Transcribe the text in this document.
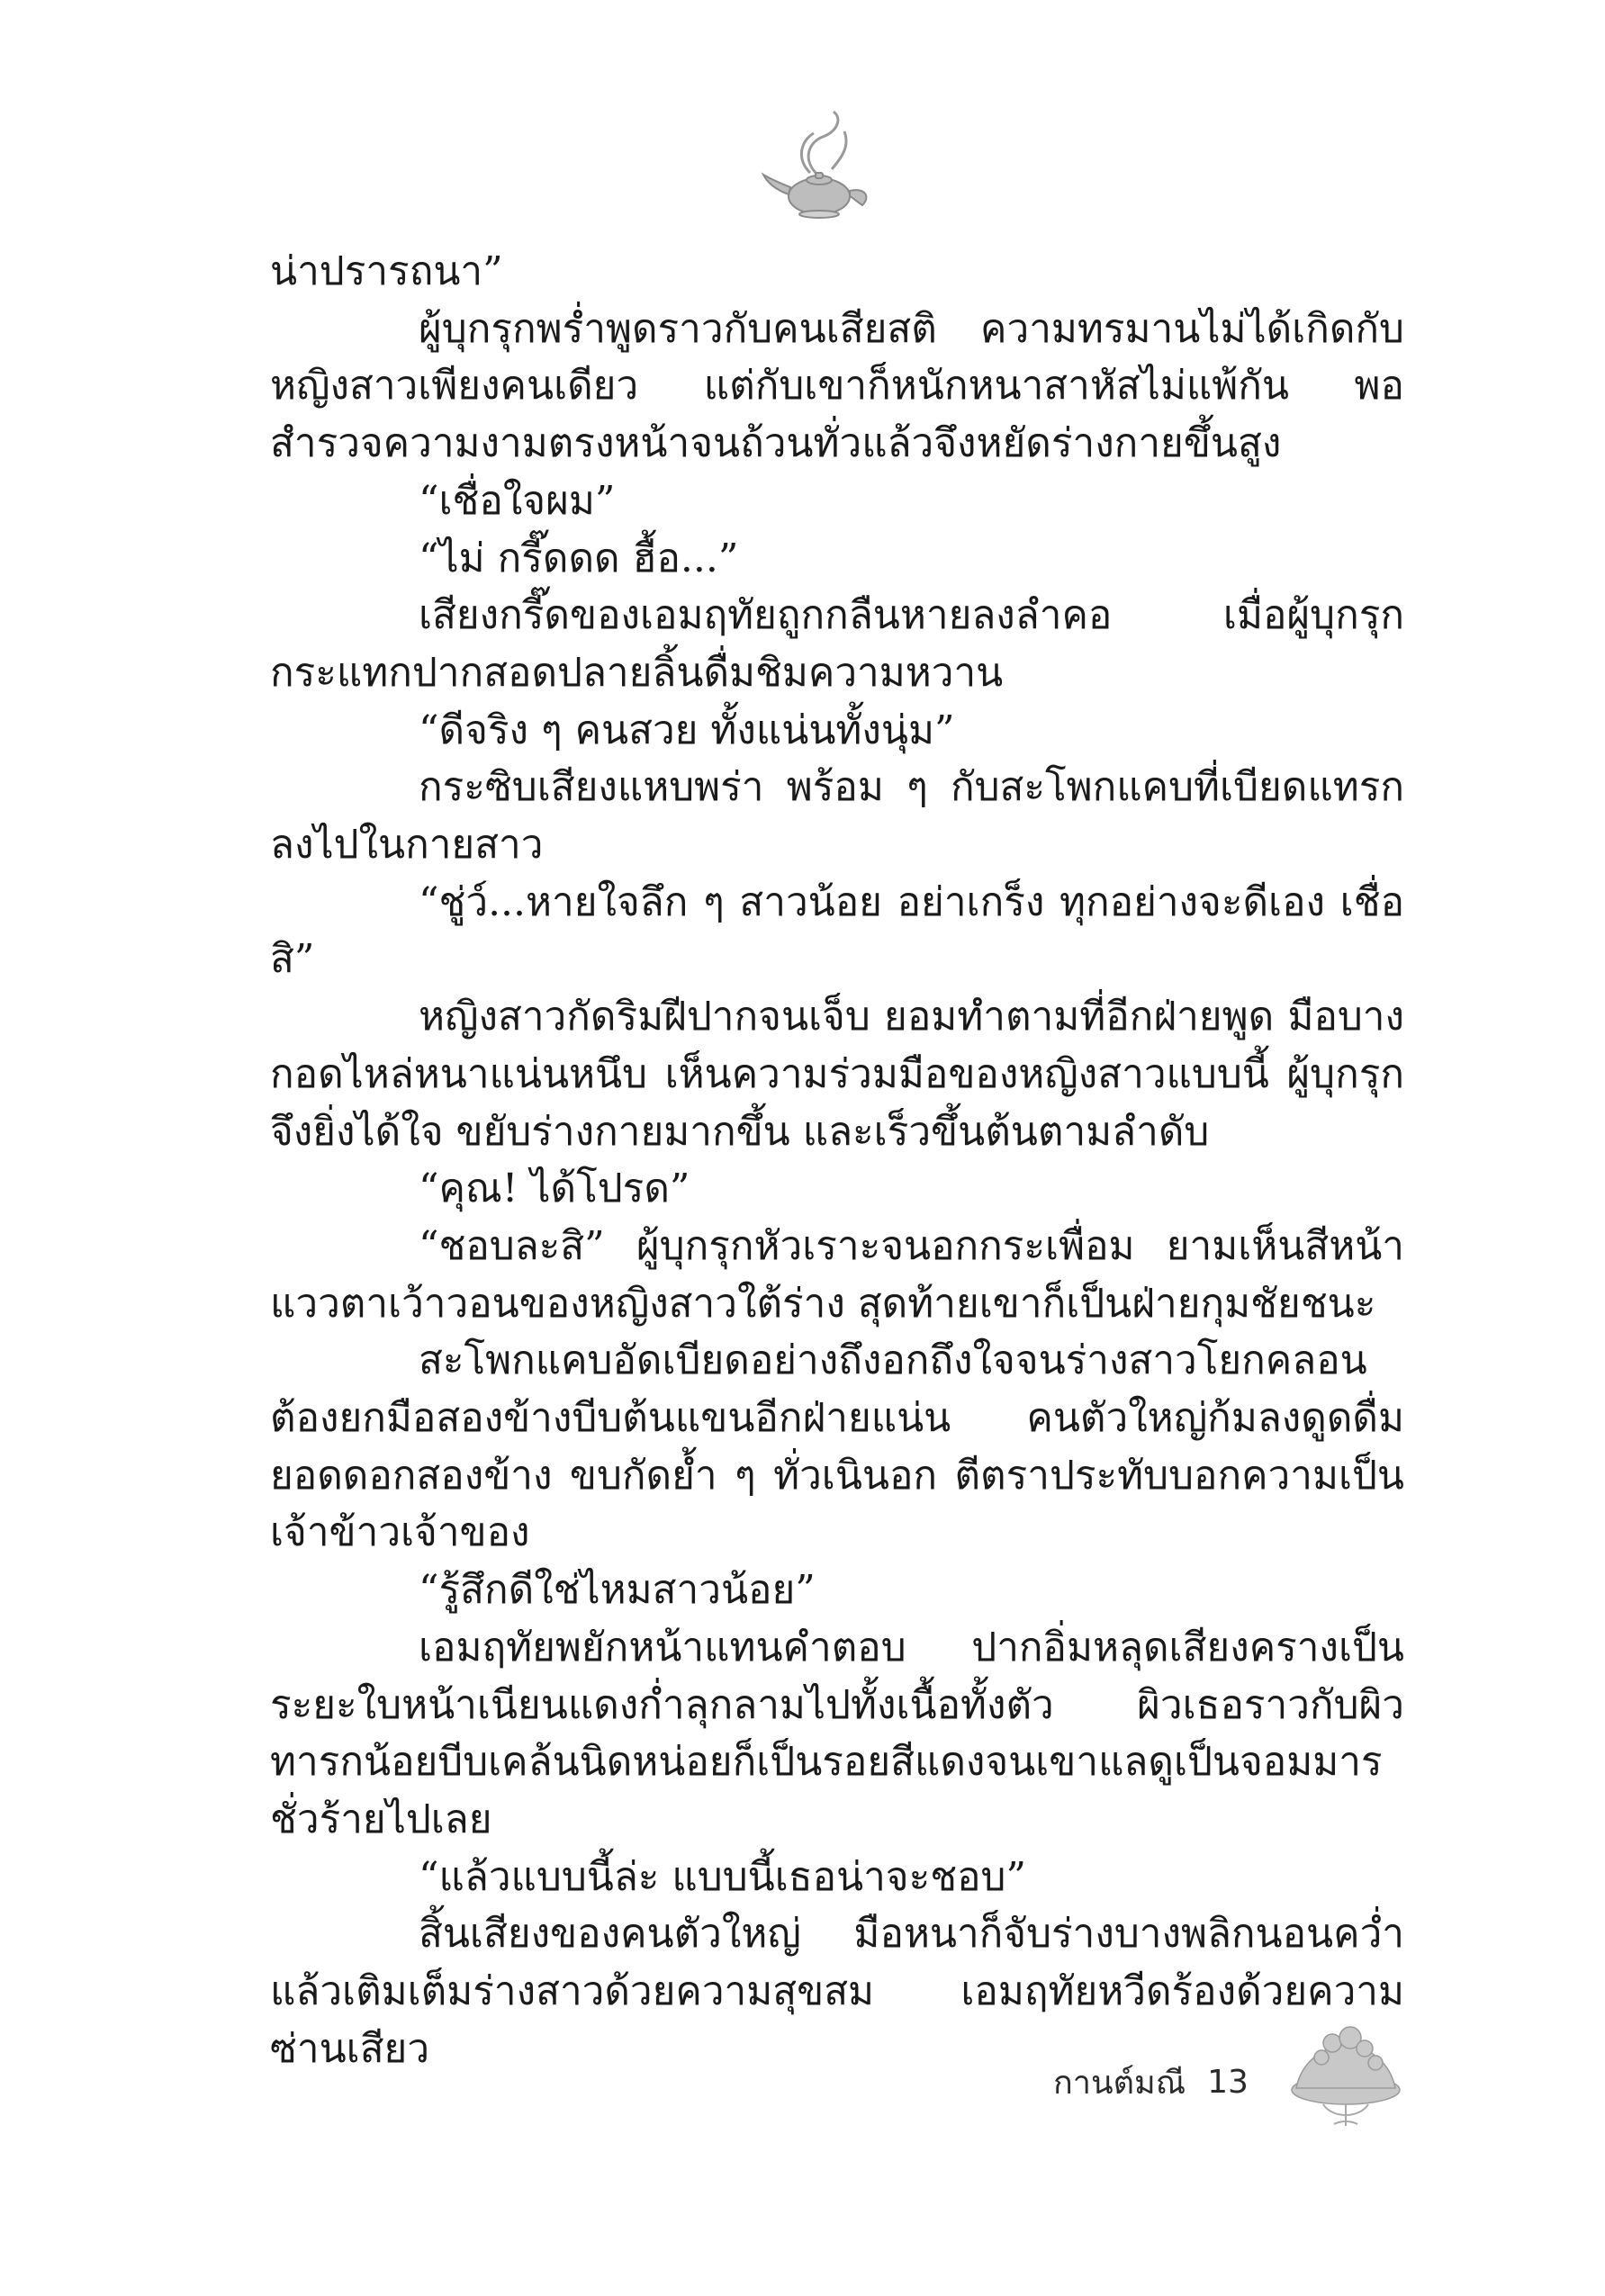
น่าปรารถนา”

ผู้บุกรุกพร่ำพูดราวกับคนเสียสติ ความทรมานไม่ได้เกิดกับหญิงสาวเพียงคนเดียว แต่กับเขาก็หนักหนาสาหัสไม่แพ้กัน พอสำรวจความงามตรงหน้าจนถ้วนทั่วแล้วจึงหยัดร่างกายขึ้นสูง

“เชื่อใจผม”

“ไม่ กรี๊ดดด ฮื้อ...”

เสียงกรี๊ดของเอมฤทัยถูกกลืนหายลงลำคอ เมื่อผู้บุกรุกกระแทกปากสอดปลายลิ้นดื่มชิมความหวาน

“ดีจริง ๆ คนสวย ทั้งแน่นทั้งนุ่ม”

กระซิบเสียงแหบพร่า พร้อม ๆ กับสะโพกแคบที่เบียดแทรกลงไปในกายสาว

“ชู่ว์...หายใจลึก ๆ สาวน้อย อย่าเกร็ง ทุกอย่างจะดีเอง เชื่อสิ”

หญิงสาวกัดริมฝีปากจนเจ็บ ยอมทำตามที่อีกฝ่ายพูด มือบางกอดไหล่หนาแน่นหนึบ เห็นความร่วมมือของหญิงสาวแบบนี้ ผู้บุกรุกจึงยิ่งได้ใจ ขยับร่างกายมากขึ้น และเร็วขึ้นต้นตามลำดับ

“คุณ! ได้โปรด”

“ชอบละสิ” ผู้บุกรุกหัวเราะจนอกกระเพื่อม ยามเห็นสีหน้าแววตาเว้าวอนของหญิงสาวใต้ร่าง สุดท้ายเขาก็เป็นฝ่ายกุมชัยชนะ

สะโพกแคบอัดเบียดอย่างถึงอกถึงใจจนร่างสาวโยกคลอน ต้องยกมือสองข้างบีบต้นแขนอีกฝ่ายแน่น คนตัวใหญ่ก้มลงดูดดื่มยอดดอกสองข้าง ขบกัดย้ำ ๆ ทั่วเนินอก ตีตราประทับบอกความเป็นเจ้าข้าวเจ้าของ

“รู้สึกดีใช่ไหมสาวน้อย”

เอมฤทัยพยักหน้าแทนคำตอบ ปากอิ่มหลุดเสียงครางเป็นระยะใบหน้าเนียนแดงก่ำลุกลามไปทั้งเนื้อทั้งตัว ผิวเธอราวกับผิวทารกน้อยบีบเคล้นนิดหน่อยก็เป็นรอยสีแดงจนเขาแลดูเป็นจอมมารชั่วร้ายไปเลย

“แล้วแบบนี้ล่ะ แบบนี้เธอน่าจะชอบ”

สิ้นเสียงของคนตัวใหญ่ มือหนาก็จับร่างบางพลิกนอนคว่ำ แล้วเติมเต็มร่างสาวด้วยความสุขสม เอมฤทัยหวีดร้องด้วยความซ่านเสียว

กานต์มณี 13
